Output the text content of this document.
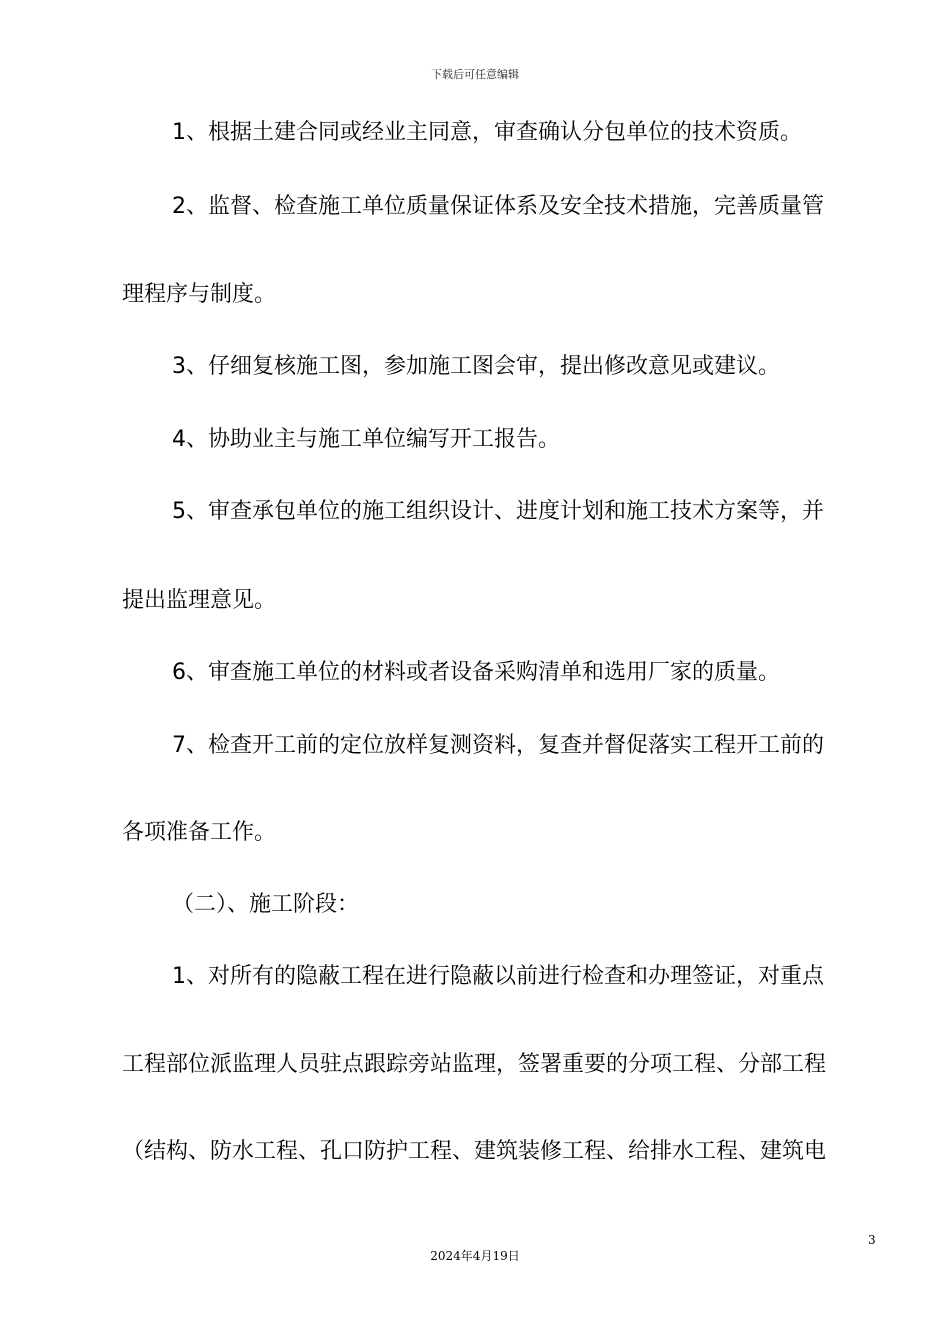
下载后可任意编辑
1、根据土建合同或经业主同意，审查确认分包单位的技术资质。
2、监督、检查施工单位质量保证体系及安全技术措施，完善质量管
理程序与制度。
3、仔细复核施工图，参加施工图会审，提出修改意见或建议。
4、协助业主与施工单位编写开工报告。
5、审查承包单位的施工组织设计、进度计划和施工技术方案等，并
提出监理意见。
6、审查施工单位的材料或者设备采购清单和选用厂家的质量。
7、检查开工前的定位放样复测资料，复查并督促落实工程开工前的
各项准备工作。
（二）、施工阶段：
1、对所有的隐蔽工程在进行隐蔽以前进行检查和办理签证，对重点
工程部位派监理人员驻点跟踪旁站监理，签署重要的分项工程、分部工程
（结构、防水工程、孔口防护工程、建筑装修工程、给排水工程、建筑电
3
2024年4月19日
